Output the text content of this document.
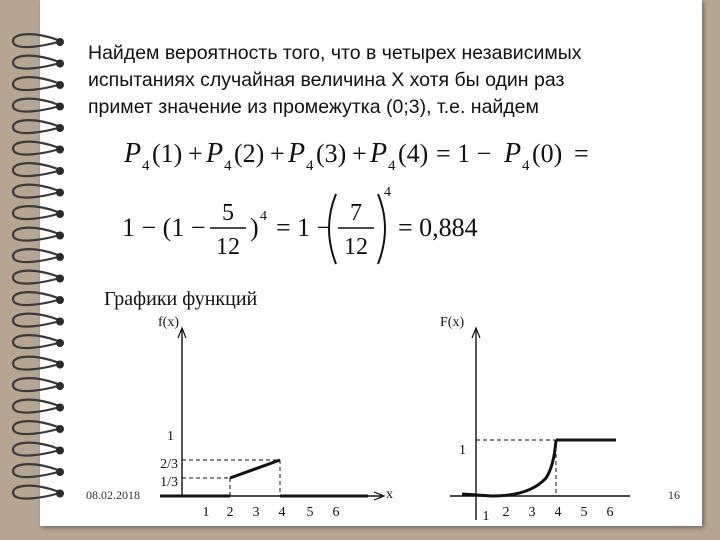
Найдем вероятность того, что в четырех независимых
испытаниях случайная величина X хотя бы один раз
примет значение из промежутка (0;3), т.е. найдем
P 4 (1) + P 4 (2) + P 4 (3) + P 4 (4) = 1 − P 4 (0) =
1 − (1 − 5
12
) 4 = 1 − 7
12
4
= 0,884
Графики функций
f(x)
x
1
2/3
1/3
1 2 3 4 5 6
F(x)
1
1 2 3 4 5 6
08.02.2018	16
